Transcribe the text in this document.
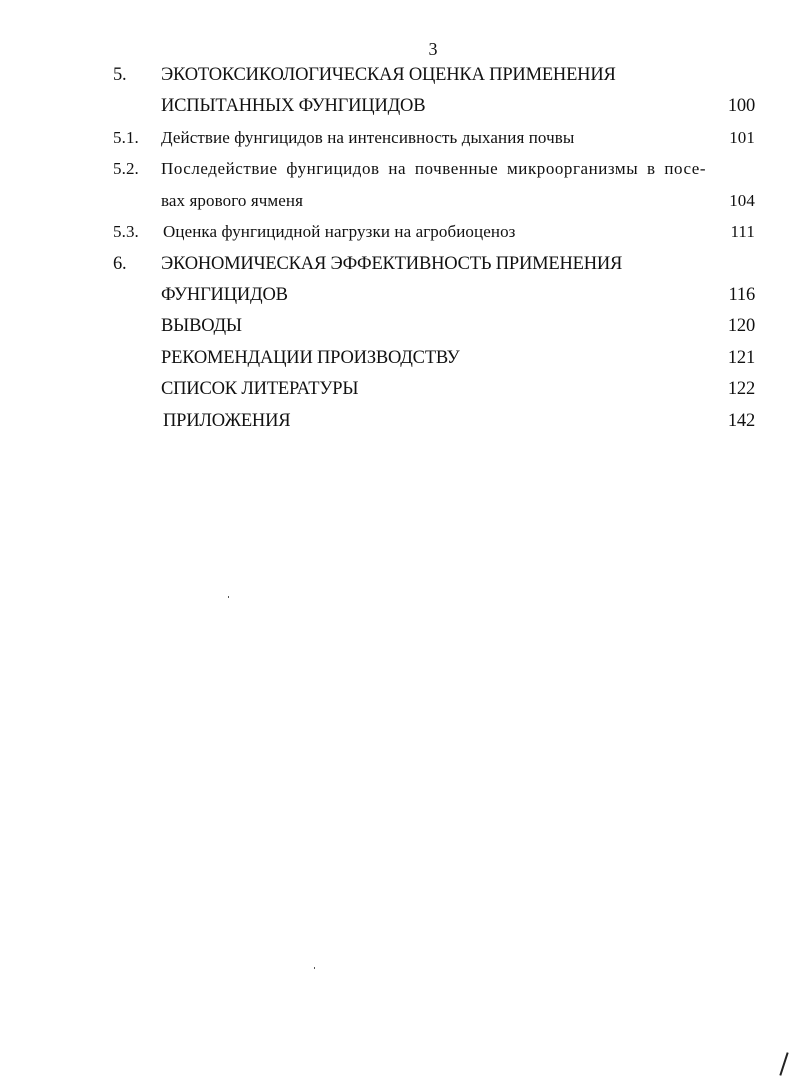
3
5. ЭКОТОКСИКОЛОГИЧЕСКАЯ ОЦЕНКА ПРИМЕНЕНИЯ
ИСПЫТАННЫХ ФУНГИЦИДОВ	100
5.1. Действие фунгицидов на интенсивность дыхания почвы	101
5.2. Последействие фунгицидов на почвенные микроорганизмы в посе-
вах ярового ячменя	104
5.3. Оценка фунгицидной нагрузки на агробиоценоз	111
6. ЭКОНОМИЧЕСКАЯ ЭФФЕКТИВНОСТЬ ПРИМЕНЕНИЯ
ФУНГИЦИДОВ	116
ВЫВОДЫ	120
РЕКОМЕНДАЦИИ ПРОИЗВОДСТВУ	121
СПИСОК ЛИТЕРАТУРЫ	122
ПРИЛОЖЕНИЯ	142
